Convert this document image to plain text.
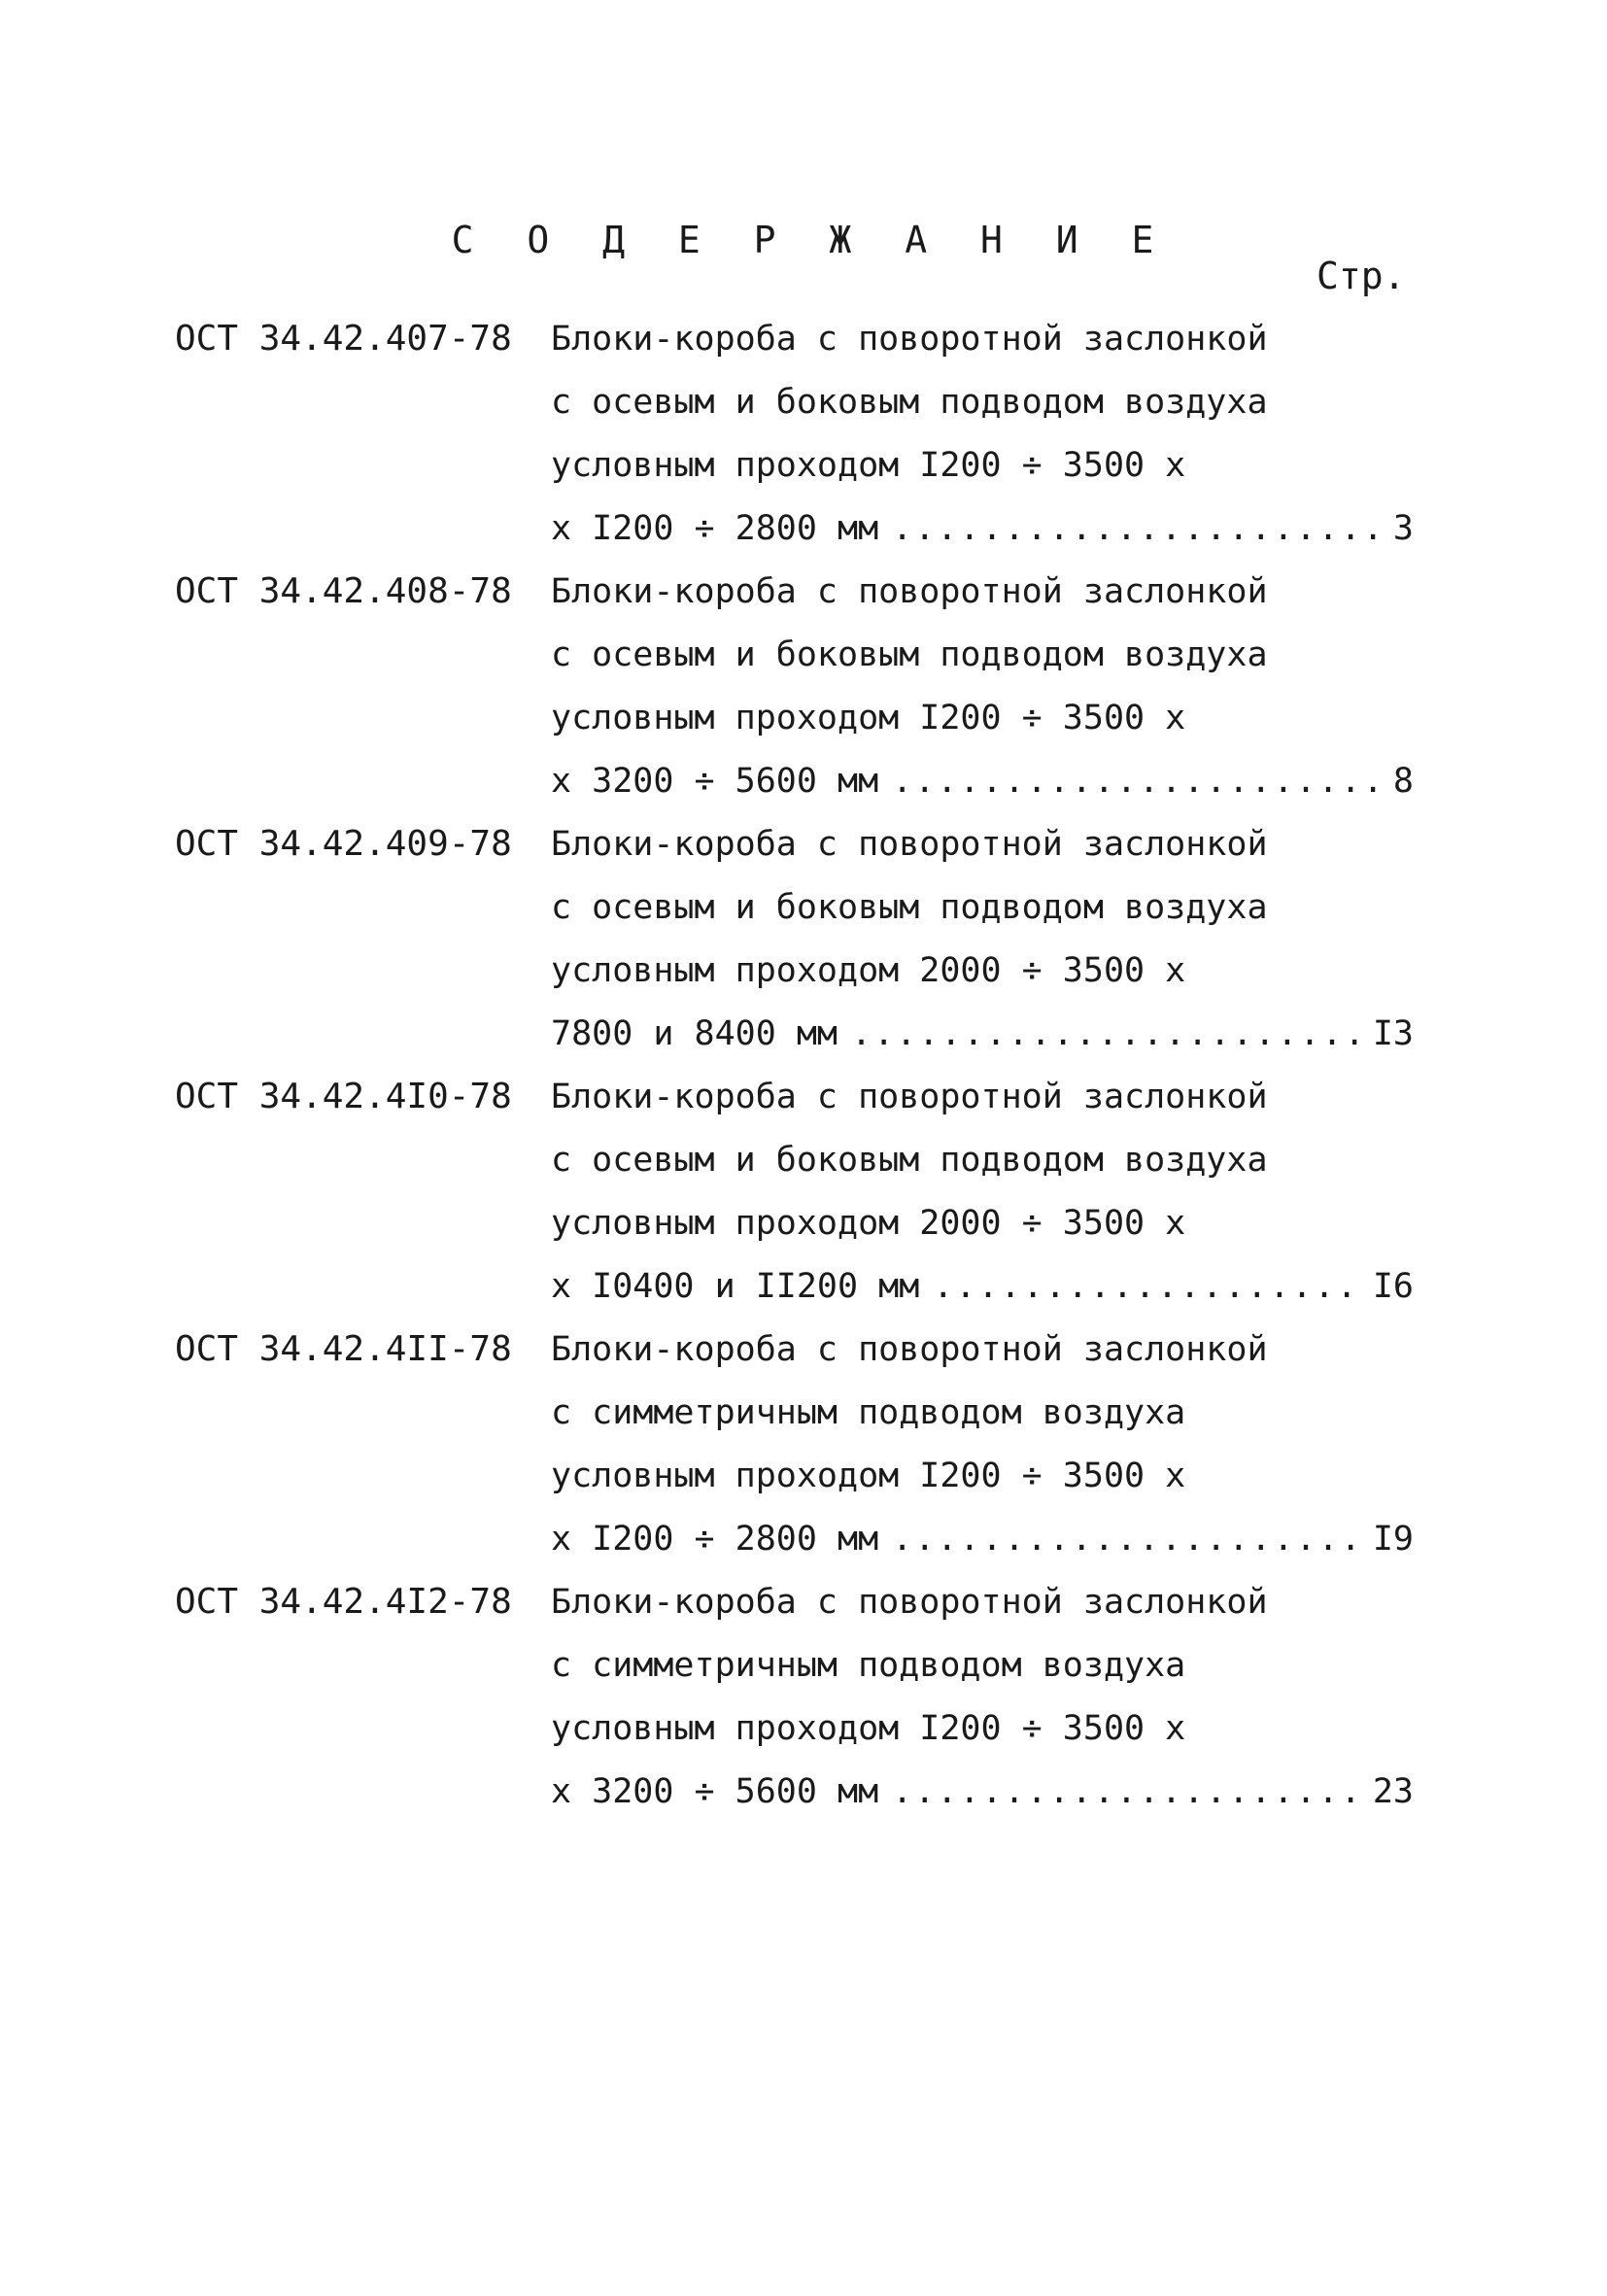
С О Д Е Р Ж А Н И Е
Стр.
ОСТ 34.42.407-78 Блоки-короба с поворотной заслонкой
с осевым и боковым подводом воздуха
условным проходом I200 ÷ 3500 х
х I200 ÷ 2800 мм .....	3
ОСТ 34.42.408-78 Блоки-короба с поворотной заслонкой
с осевым и боковым подводом воздуха
условным проходом I200 ÷ 3500 х
х 3200 ÷ 5600 мм .....	8
ОСТ 34.42.409-78 Блоки-короба с поворотной заслонкой
с осевым и боковым подводом воздуха
условным проходом 2000 ÷ 3500 х
7800 и 8400 мм .....	I3
ОСТ 34.42.4I0-78 Блоки-короба с поворотной заслонкой
с осевым и боковым подводом воздуха
условным проходом 2000 ÷ 3500 х
х I0400 и II200 мм .....	I6
ОСТ 34.42.4II-78 Блоки-короба с поворотной заслонкой
с симметричным подводом воздуха
условным проходом I200 ÷ 3500 х
х I200 ÷ 2800 мм .....	I9
ОСТ 34.42.4I2-78 Блоки-короба с поворотной заслонкой
с симметричным подводом воздуха
условным проходом I200 ÷ 3500 х
х 3200 ÷ 5600 мм .....	23
